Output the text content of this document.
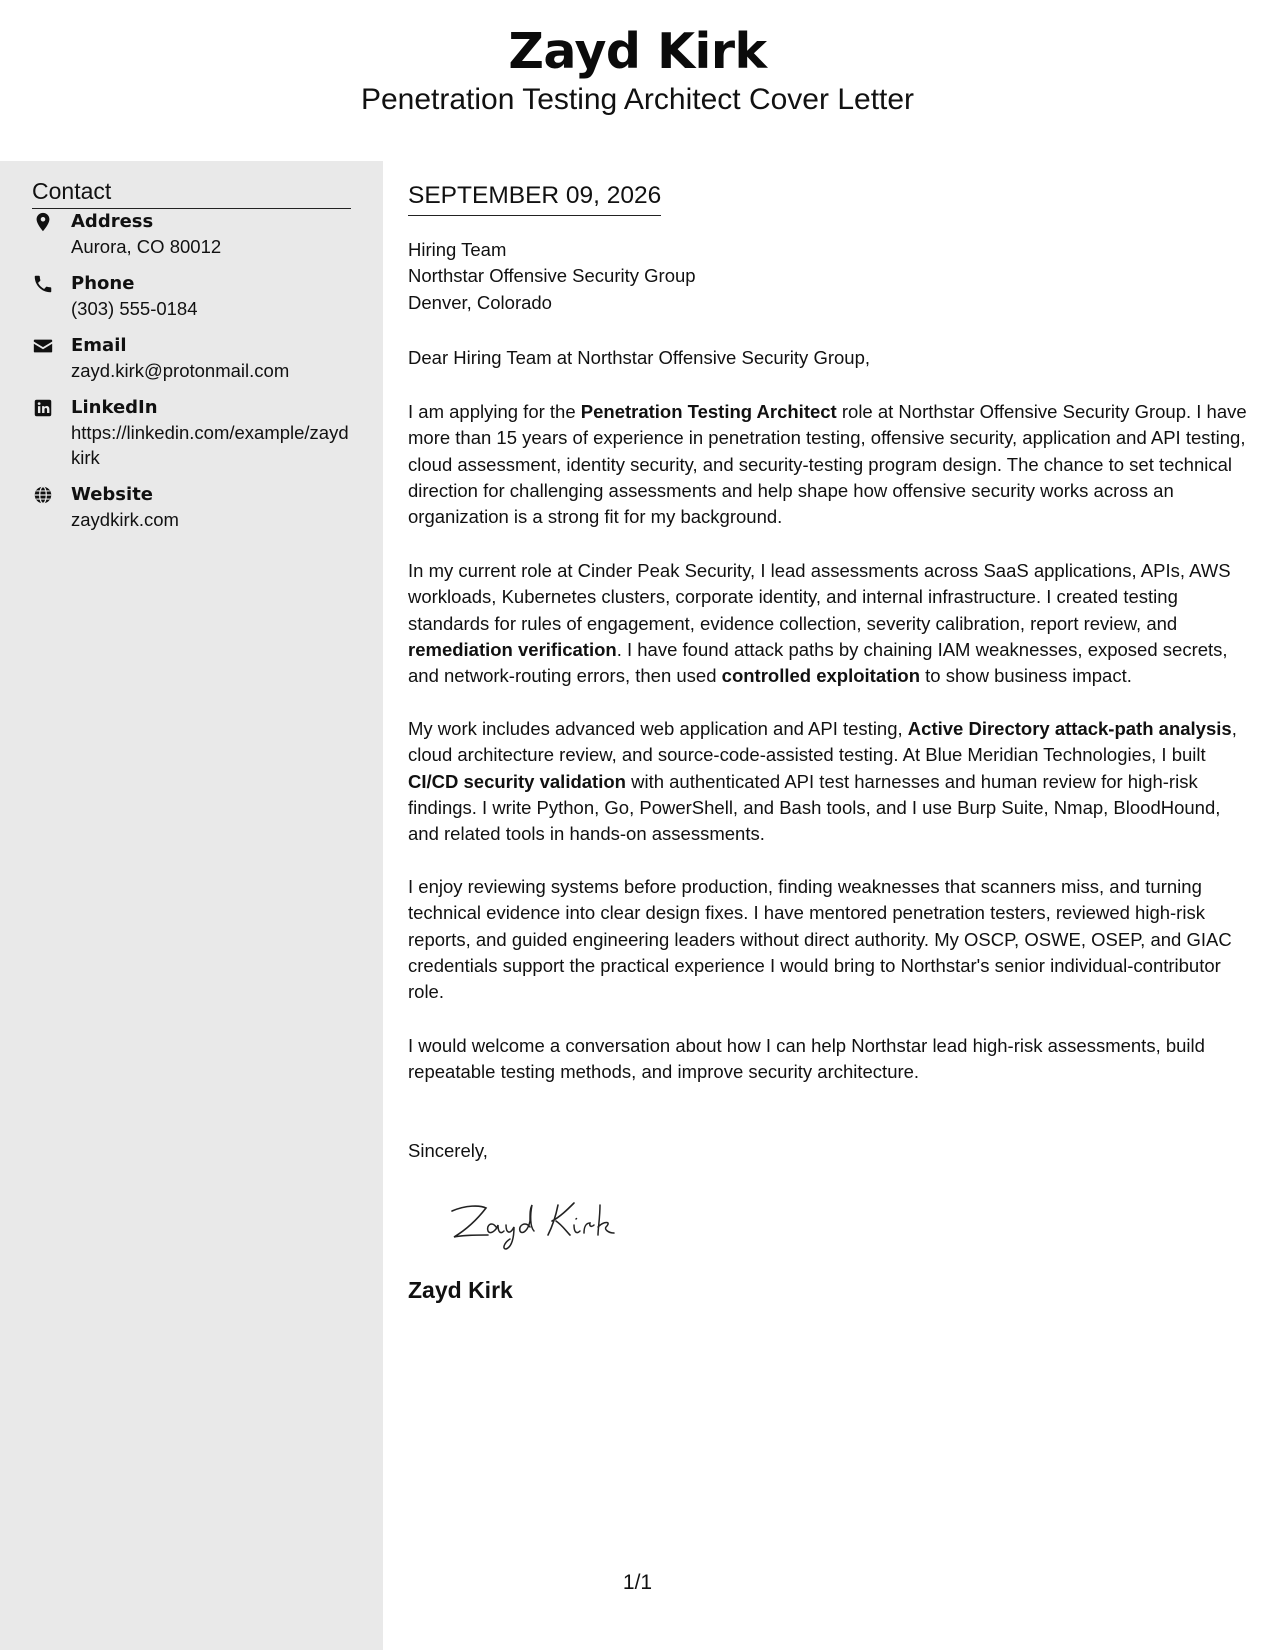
Zayd Kirk
Penetration Testing Architect Cover Letter
Contact
Address
Aurora, CO 80012
Phone
(303) 555-0184
Email
zayd.kirk@protonmail.com
LinkedIn
https://linkedin.com/example/zaydkirk
Website
zaydkirk.com
SEPTEMBER 09, 2026
Hiring Team
Northstar Offensive Security Group
Denver, Colorado
Dear Hiring Team at Northstar Offensive Security Group,
I am applying for the Penetration Testing Architect role at Northstar Offensive Security Group. I have more than 15 years of experience in penetration testing, offensive security, application and API testing, cloud assessment, identity security, and security-testing program design. The chance to set technical direction for challenging assessments and help shape how offensive security works across an organization is a strong fit for my background.
In my current role at Cinder Peak Security, I lead assessments across SaaS applications, APIs, AWS workloads, Kubernetes clusters, corporate identity, and internal infrastructure. I created testing standards for rules of engagement, evidence collection, severity calibration, report review, and remediation verification. I have found attack paths by chaining IAM weaknesses, exposed secrets, and network-routing errors, then used controlled exploitation to show business impact.
My work includes advanced web application and API testing, Active Directory attack-path analysis, cloud architecture review, and source-code-assisted testing. At Blue Meridian Technologies, I built CI/CD security validation with authenticated API test harnesses and human review for high-risk findings. I write Python, Go, PowerShell, and Bash tools, and I use Burp Suite, Nmap, BloodHound, and related tools in hands-on assessments.
I enjoy reviewing systems before production, finding weaknesses that scanners miss, and turning technical evidence into clear design fixes. I have mentored penetration testers, reviewed high-risk reports, and guided engineering leaders without direct authority. My OSCP, OSWE, OSEP, and GIAC credentials support the practical experience I would bring to Northstar's senior individual-contributor role.
I would welcome a conversation about how I can help Northstar lead high-risk assessments, build repeatable testing methods, and improve security architecture.
Sincerely,
Zayd Kirk
1/1
